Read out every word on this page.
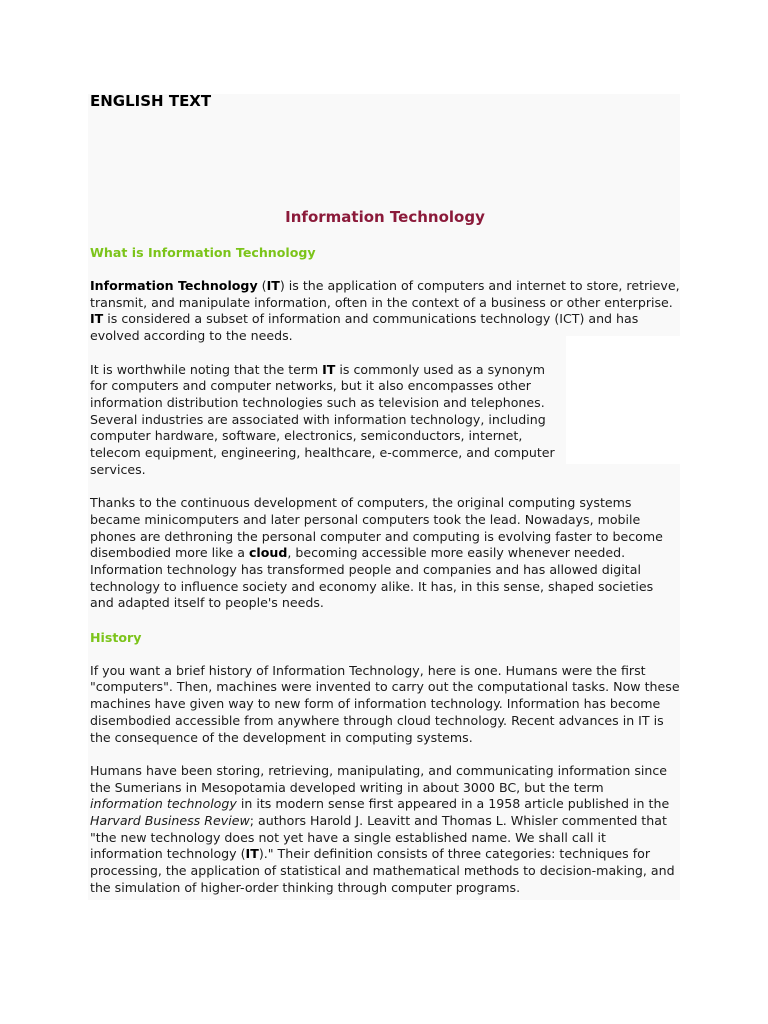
ENGLISH TEXT
Information Technology
What is Information Technology

Information Technology (IT) is the application of computers and internet to store, retrieve, transmit, and manipulate information, often in the context of a business or other enterprise. IT is considered a subset of information and communications technology (ICT) and has evolved according to the needs.

It is worthwhile noting that the term IT is commonly used as a synonym for computers and computer networks, but it also encompasses other information distribution technologies such as television and telephones. Several industries are associated with information technology, including computer hardware, software, electronics, semiconductors, internet, telecom equipment, engineering, healthcare, e-commerce, and computer services.

Thanks to the continuous development of computers, the original computing systems became minicomputers and later personal computers took the lead. Nowadays, mobile phones are dethroning the personal computer and computing is evolving faster to become disembodied more like a cloud, becoming accessible more easily whenever needed. Information technology has transformed people and companies and has allowed digital technology to influence society and economy alike. It has, in this sense, shaped societies and adapted itself to people's needs.

History

If you want a brief history of Information Technology, here is one. Humans were the first "computers". Then, machines were invented to carry out the computational tasks. Now these machines have given way to new form of information technology. Information has become disembodied accessible from anywhere through cloud technology. Recent advances in IT is the consequence of the development in computing systems.

Humans have been storing, retrieving, manipulating, and communicating information since the Sumerians in Mesopotamia developed writing in about 3000 BC, but the term information technology in its modern sense first appeared in a 1958 article published in the Harvard Business Review; authors Harold J. Leavitt and Thomas L. Whisler commented that "the new technology does not yet have a single established name. We shall call it information technology (IT)." Their definition consists of three categories: techniques for processing, the application of statistical and mathematical methods to decision-making, and the simulation of higher-order thinking through computer programs.
